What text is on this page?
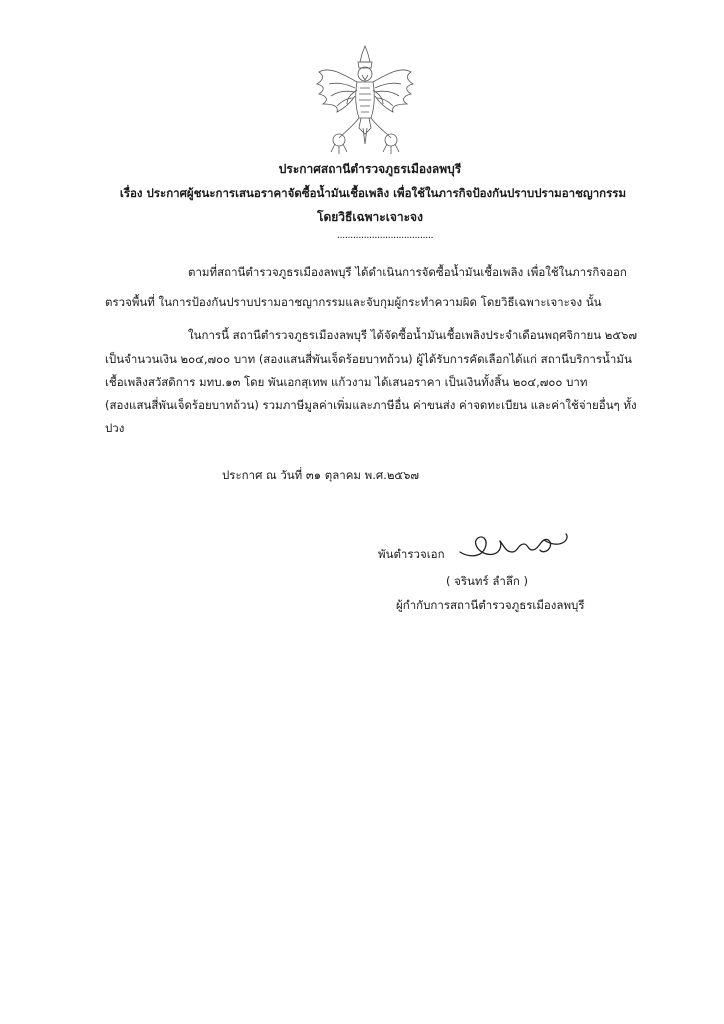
ประกาศสถานีตำรวจภูธรเมืองลพบุรี
เรื่อง ประกาศผู้ชนะการเสนอราคาจัดซื้อน้ำมันเชื้อเพลิง เพื่อใช้ในภารกิจป้องกันปราบปรามอาชญากรรม
โดยวิธีเฉพาะเจาะจง
....................................
ตามที่สถานีตำรวจภูธรเมืองลพบุรี ได้ดำเนินการจัดซื้อน้ำมันเชื้อเพลิง เพื่อใช้ในภารกิจออก
ตรวจพื้นที่ ในการป้องกันปราบปรามอาชญากรรมและจับกุมผู้กระทำความผิด โดยวิธีเฉพาะเจาะจง นั้น
ในการนี้ สถานีตำรวจภูธรเมืองลพบุรี ได้จัดซื้อน้ำมันเชื้อเพลิงประจำเดือนพฤศจิกายน ๒๕๖๗
เป็นจำนวนเงิน ๒๐๔,๗๐๐ บาท (สองแสนสี่พันเจ็ดร้อยบาทถ้วน) ผู้ได้รับการคัดเลือกได้แก่ สถานีบริการน้ำมัน
เชื้อเพลิงสวัสดิการ มทบ.๑๓ โดย พันเอกสุเทพ แก้วงาม ได้เสนอราคา เป็นเงินทั้งสิ้น ๒๐๔,๗๐๐ บาท
(สองแสนสี่พันเจ็ดร้อยบาทถ้วน) รวมภาษีมูลค่าเพิ่มและภาษีอื่น ค่าขนส่ง ค่าจดทะเบียน และค่าใช้จ่ายอื่นๆ ทั้ง
ปวง
ประกาศ ณ วันที่ ๓๑ ตุลาคม พ.ศ.๒๕๖๗
พันตำรวจเอก
( จรินทร์ ลำลึก )
ผู้กำกับการสถานีตำรวจภูธรเมืองลพบุรี
